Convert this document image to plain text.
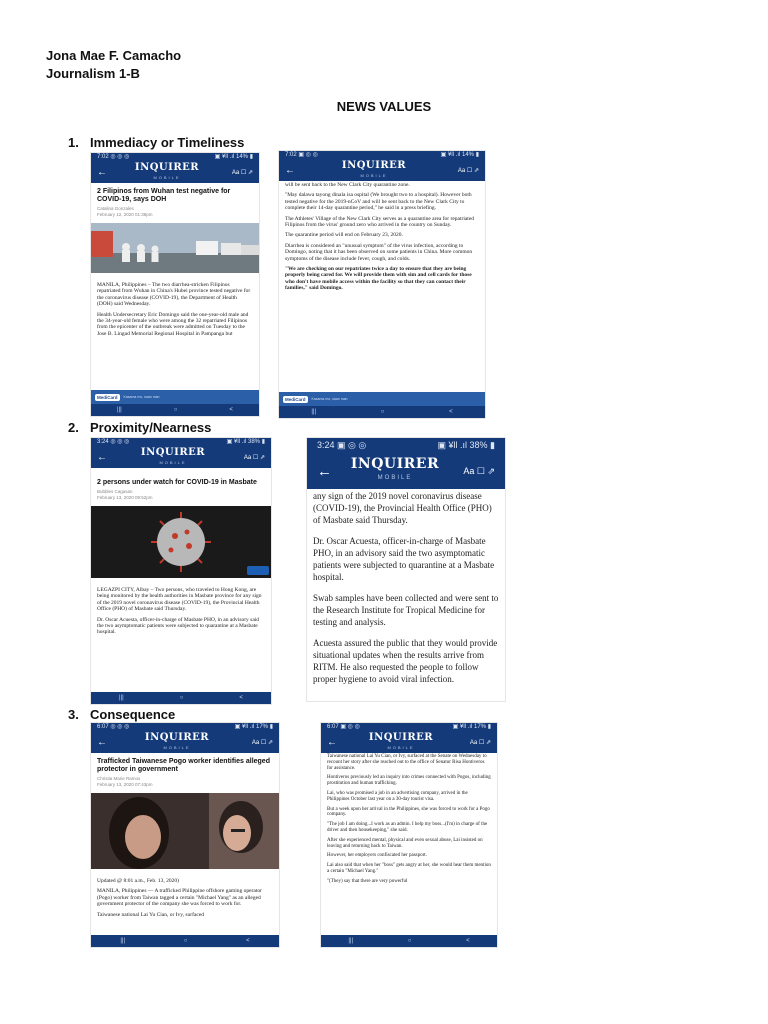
Jona Mae F. Camacho
Journalism 1-B
NEWS VALUES
1. Immediacy or Timeliness
2. Proximity/Nearness
3. Consequence
7:02 ◎ ◎ ◎	▣ ¥ll .ıl 14% ▮
←	INQUIRER
MOBILE
Aa ☐ ⇗
2 Filipinos from Wuhan test negative for COVID-19, says DOH
Catalina Gonzales
February 12, 2020 01:38pm
MANILA, Philippines – The two diarrhea-stricken Filipinos repatriated from Wuhan in China's Hubei province tested negative for the coronavirus disease (COVID-19), the Department of Health (DOH) said Wednesday.
Health Undersecretary Eric Domingo said the one-year-old male and the 34-year-old female who were among the 32 repatriated Filipinos from the epicenter of the outbreak were admitted on Tuesday to the Jose B. Lingad Memorial Regional Hospital in Pampanga but
MediCard	Kasama mo, saan man
|||	○	<
7:02 ▣ ◎ ◎	▣ ¥ll .ıl 14% ▮
←	INQUIRER
MOBILE
Aa ☐ ⇗
will be sent back to the New Clark City quarantine zone.
"May dalawa tayong dinala isa ospital (We brought two to a hospital). However both tested negative for the 2019-nCoV and will be sent back to the New Clark City to complete their 14-day quarantine period," he said in a press briefing.
The Athletes' Village of the New Clark City serves as a quarantine area for repatriated Filipinos from the virus' ground zero who arrived in the country on Sunday.
The quarantine period will end on February 23, 2020.
Diarrhea is considered an "unusual symptom" of the virus infection, according to Domingo, noting that it has been observed on some patients in China. More common symptoms of the disease include fever, cough, and colds.
"We are checking on our repatriates twice a day to ensure that they are being properly being cared for. We will provide them with sim and cell cards for those who don't have mobile access within the facility so that they can contact their families," said Domingo.
MediCard	Kasama mo, saan man
|||	○	<
3:24 ◎ ◎ ◎	▣ ¥ll .ıl 38% ▮
←	INQUIRER
MOBILE
Aa ☐ ⇗
2 persons under watch for COVID-19 in Masbate
Bubbles Cagasan
February 13, 2020 09:52pm
LEGAZPI CITY, Albay – Two persons, who traveled to Hong Kong, are being monitored by the health authorities in Masbate province for any sign of the 2019 novel coronavirus disease (COVID-19), the Provincial Health Office (PHO) of Masbate said Thursday.
Dr. Oscar Acuesta, officer-in-charge of Masbate PHO, in an advisory said the two asymptomatic patients were subjected to quarantine at a Masbate hospital.
|||	○	<
3:24 ▣ ◎ ◎	▣ ¥ll .ıl 38% ▮
←	INQUIRER
MOBILE
Aa ☐ ⇗
any sign of the 2019 novel coronavirus disease (COVID-19), the Provincial Health Office (PHO) of Masbate said Thursday.
Dr. Oscar Acuesta, officer-in-charge of Masbate PHO, in an advisory said the two asymptomatic patients were subjected to quarantine at a Masbate hospital.
Swab samples have been collected and were sent to the Research Institute for Tropical Medicine for testing and analysis.
Acuesta assured the public that they would provide situational updates when the results arrive from RITM. He also requested the people to follow proper hygiene to avoid viral infection.
6:07 ◎ ◎ ◎	▣ ¥ll .ıl 17% ▮
←	INQUIRER
MOBILE
Aa ☐ ⇗
Trafficked Taiwanese Pogo worker identifies alleged protector in government
Christia Marie Ramos
February 13, 2020 07:43pm
Updated @ 8:01 a.m., Feb. 13, 2020)
MANILA, Philippines — A trafficked Philippine offshore gaming operator (Pogo) worker from Taiwan tagged a certain "Michael Yang" as an alleged government protector of the company she was forced to work for.
Taiwanese national Lai Yu Cian, or Ivy, surfaced
|||	○	<
6:07 ▣ ◎ ◎	▣ ¥ll .ıl 17% ▮
←	INQUIRER
MOBILE
Aa ☐ ⇗
Taiwanese national Lai Yu Cian, or Ivy, surfaced at the Senate on Wednesday to recount her story after she reached out to the office of Senator Risa Hontiveros for assistance.
Hontiveros previously led an inquiry into crimes connected with Pogos, including prostitution and human trafficking.
Lai, who was promised a job in an advertising company, arrived in the Philippines October last year on a 30-day tourist visa.
But a week upon her arrival in the Philippines, she was forced to work for a Pogo company.
"The job I am doing...I work as an admin. I help my boss...(I'm) in charge of the driver and then housekeeping," she said.
After she experienced mental, physical and even sexual abuse, Lai insisted on leaving and returning back to Taiwan.
However, her employers confiscated her passport.
Lai also said that when her "boss" gets angry at her, she would hear them mention a certain "Michael Yang."
"(They) say that there are very powerful
|||	○	<
